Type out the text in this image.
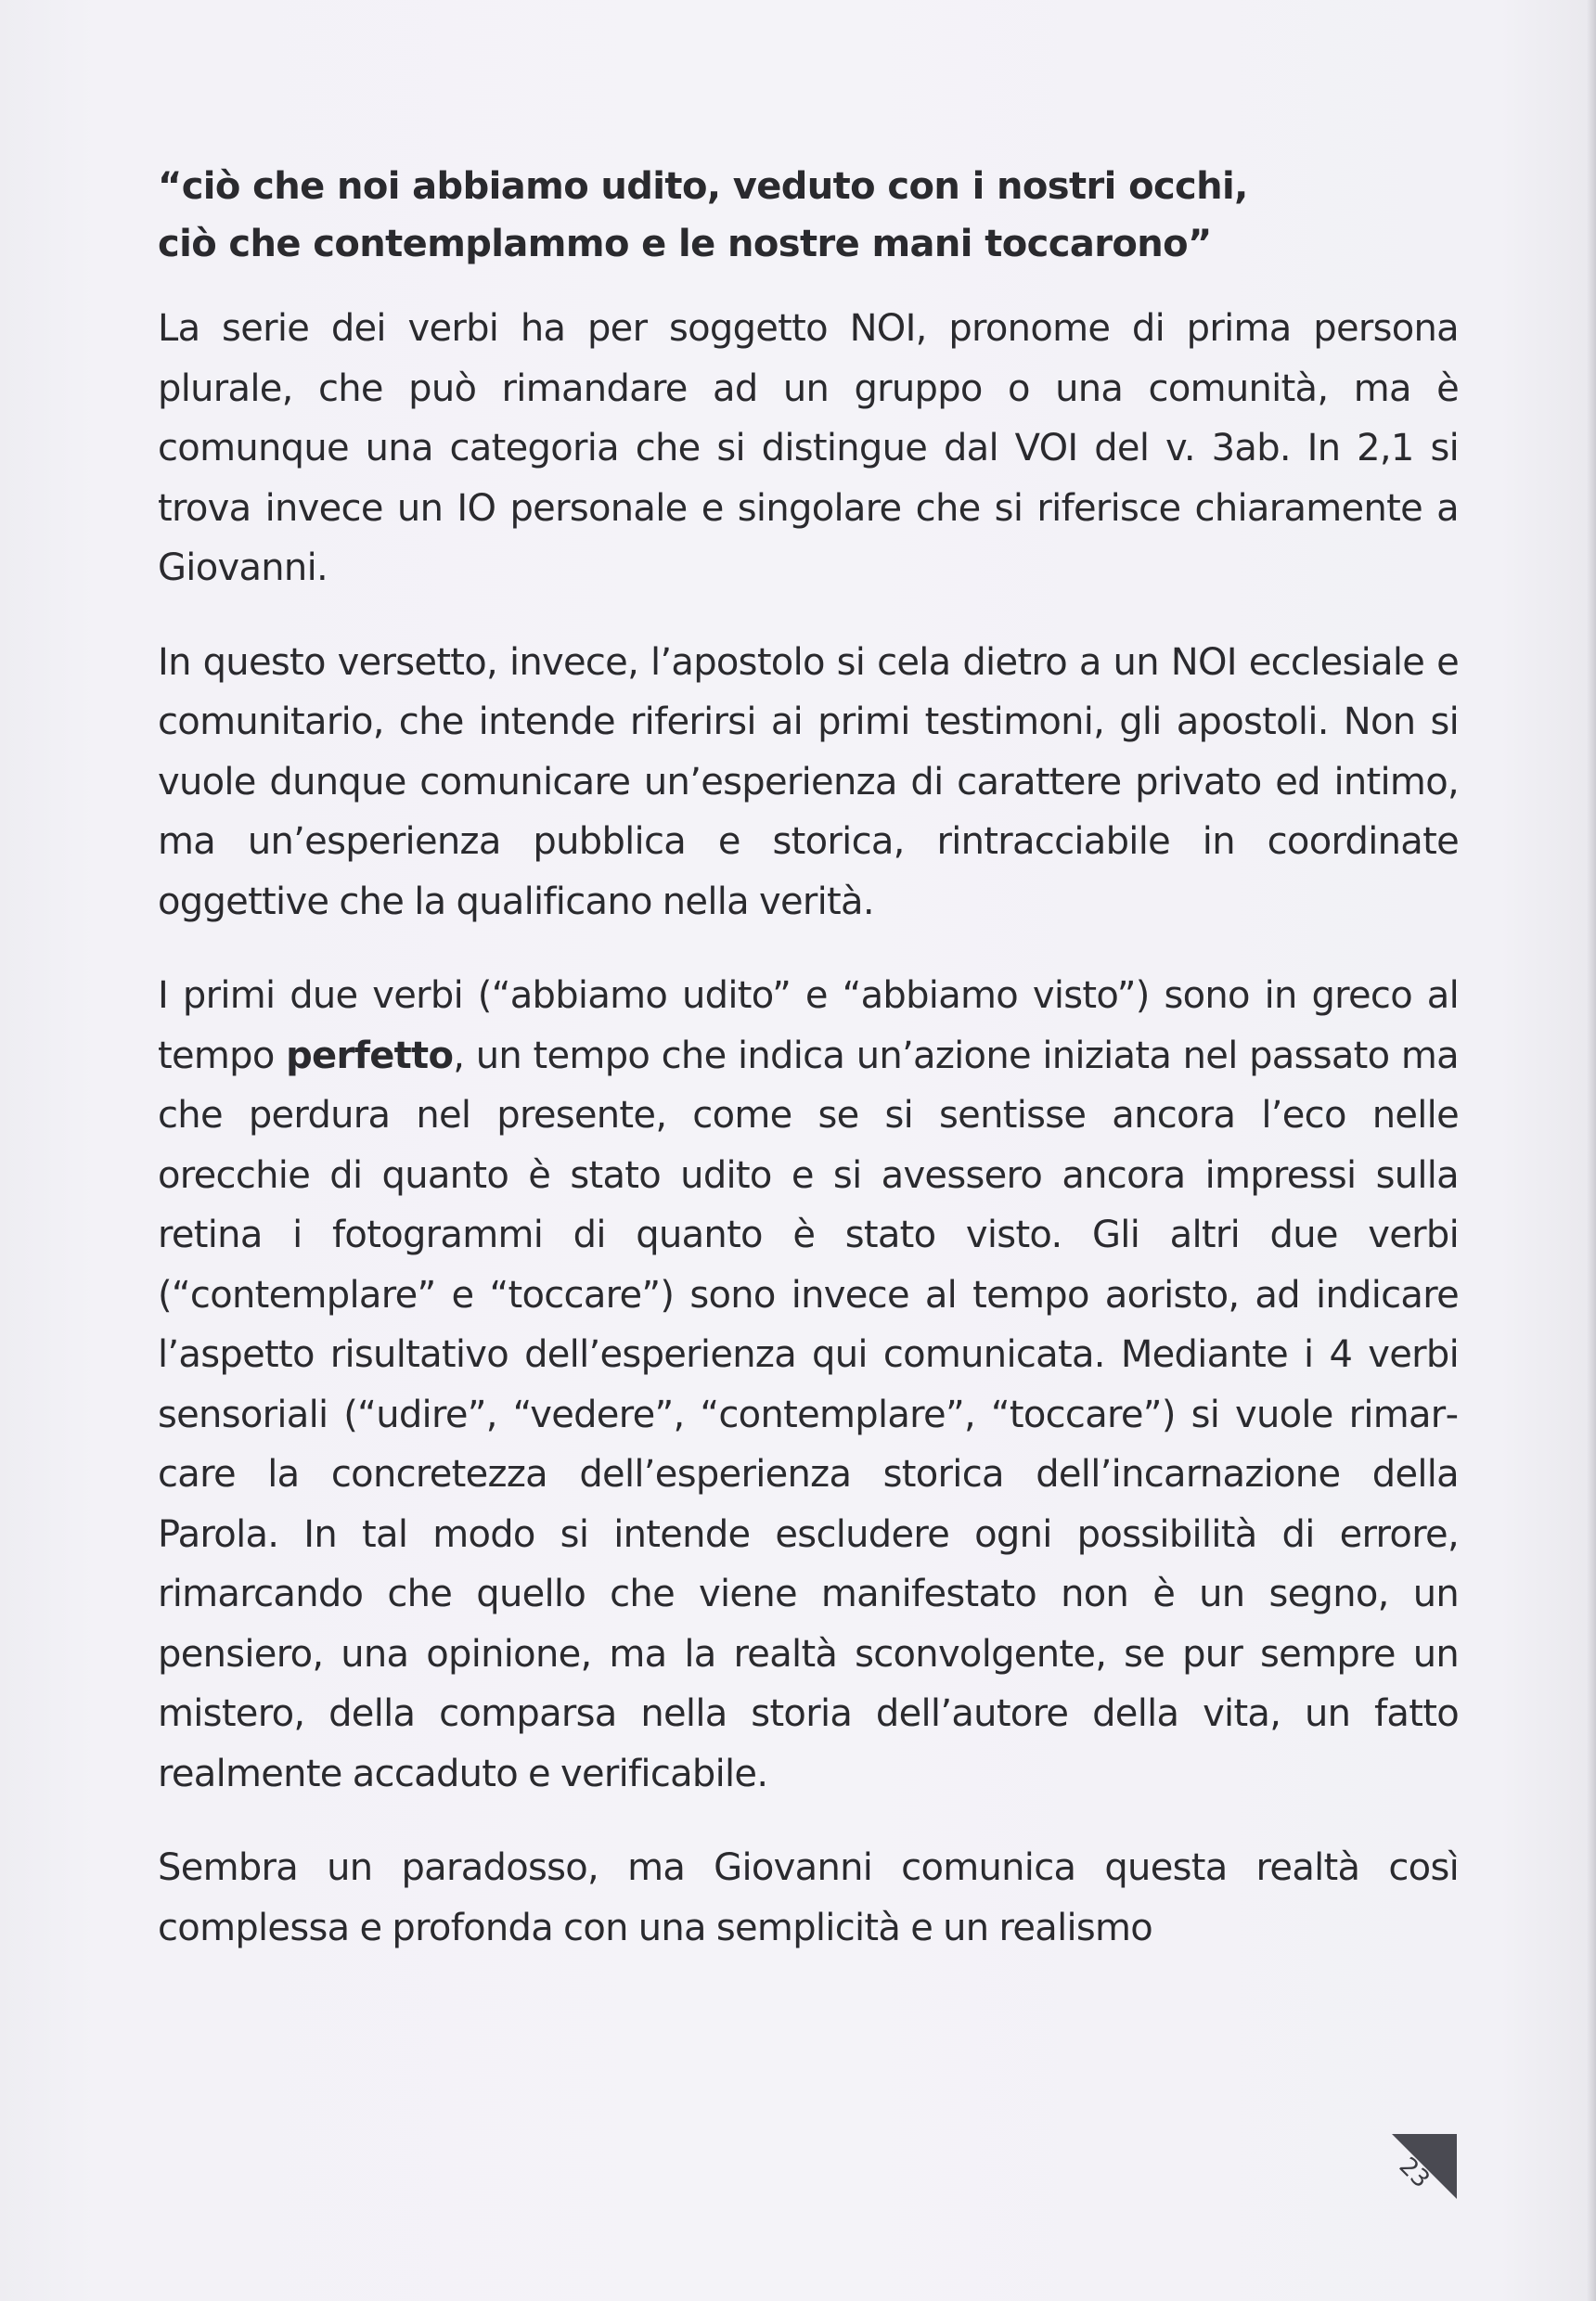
“ciò che noi abbiamo udito, veduto con i nostri occhi,
ciò che contemplammo e le nostre mani toccarono”

La serie dei verbi ha per soggetto NOI, pronome di prima persona plurale, che può rimandare ad un gruppo o una comunità, ma è comunque una categoria che si distingue dal VOI del v. 3ab. In 2,1 si trova invece un IO personale e singolare che si riferisce chiaramente a Giovanni.

In questo versetto, invece, l’apostolo si cela dietro a un NOI ecclesiale e comunitario, che intende riferirsi ai primi testimoni, gli apostoli. Non si vuole dunque comunicare un’esperienza di carattere privato ed intimo, ma un’esperienza pubblica e storica, rintracciabile in coordinate oggettive che la qualificano nella verità.

I primi due verbi (“abbiamo udito” e “abbiamo visto”) sono in greco al tempo perfetto, un tempo che indica un’azione iniziata nel passato ma che perdura nel presente, come se si sentisse ancora l’eco nelle orecchie di quanto è stato udito e si avessero ancora impressi sulla retina i fotogrammi di quanto è stato visto. Gli altri due verbi (“contemplare” e “toccare”) sono invece al tempo aoristo, ad indicare l’aspetto risultativo dell’esperienza qui comunicata. Mediante i 4 verbi sensoriali (“udire”, “vedere”, “contemplare”, “toccare”) si vuole rimarcare la concretezza dell’esperienza storica dell’incarnazione della Parola. In tal modo si intende escludere ogni possibilità di errore, rimarcando che quello che viene manifestato non è un segno, un pensiero, una opinione, ma la realtà sconvolgente, se pur sempre un mistero, della comparsa nella storia dell’autore della vita, un fatto realmente accaduto e verificabile.

Sembra un paradosso, ma Giovanni comunica questa realtà così complessa e profonda con una semplicità e un realismo

23
